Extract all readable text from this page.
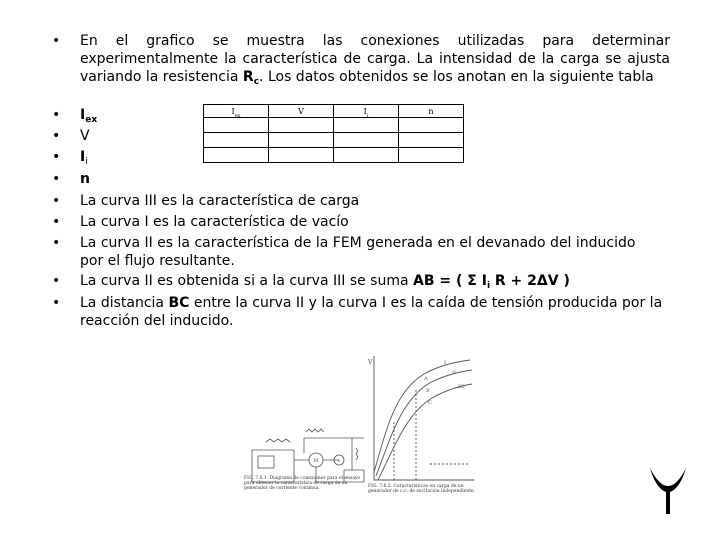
• En el grafico se muestra las conexiones utilizadas para determinar experimentalmente la característica de carga. La intensidad de la carga se ajusta variando la resistencia $R_c$. Los datos obtenidos se los anotan en la siguiente tabla
• $I_{ex}$
• V
• $I_i$
• n
$I_{ex}$	V	$I_i$	n

• La curva III es la característica de carga
• La curva I es la característica de vacío
• La curva II es la característica de la FEM generada en el devanado del inducido
por el flujo resultante.
• La curva II es obtenida si a la curva III se suma AB = ( Σ $I_i$ R + 2ΔV )
• La distancia BC entre la curva II y la curva I es la caída de tensión producida por la
reacción del inducido.
M	V
FIG. 7.6.1. Diagrama de conexiones para el ensayo para obtener la característica de carga de un generador de corriente continua.
V	I
II
III
A
B
C
FIG. 7.6.2. Características en carga de un generador de c.c. de excitación independiente.
